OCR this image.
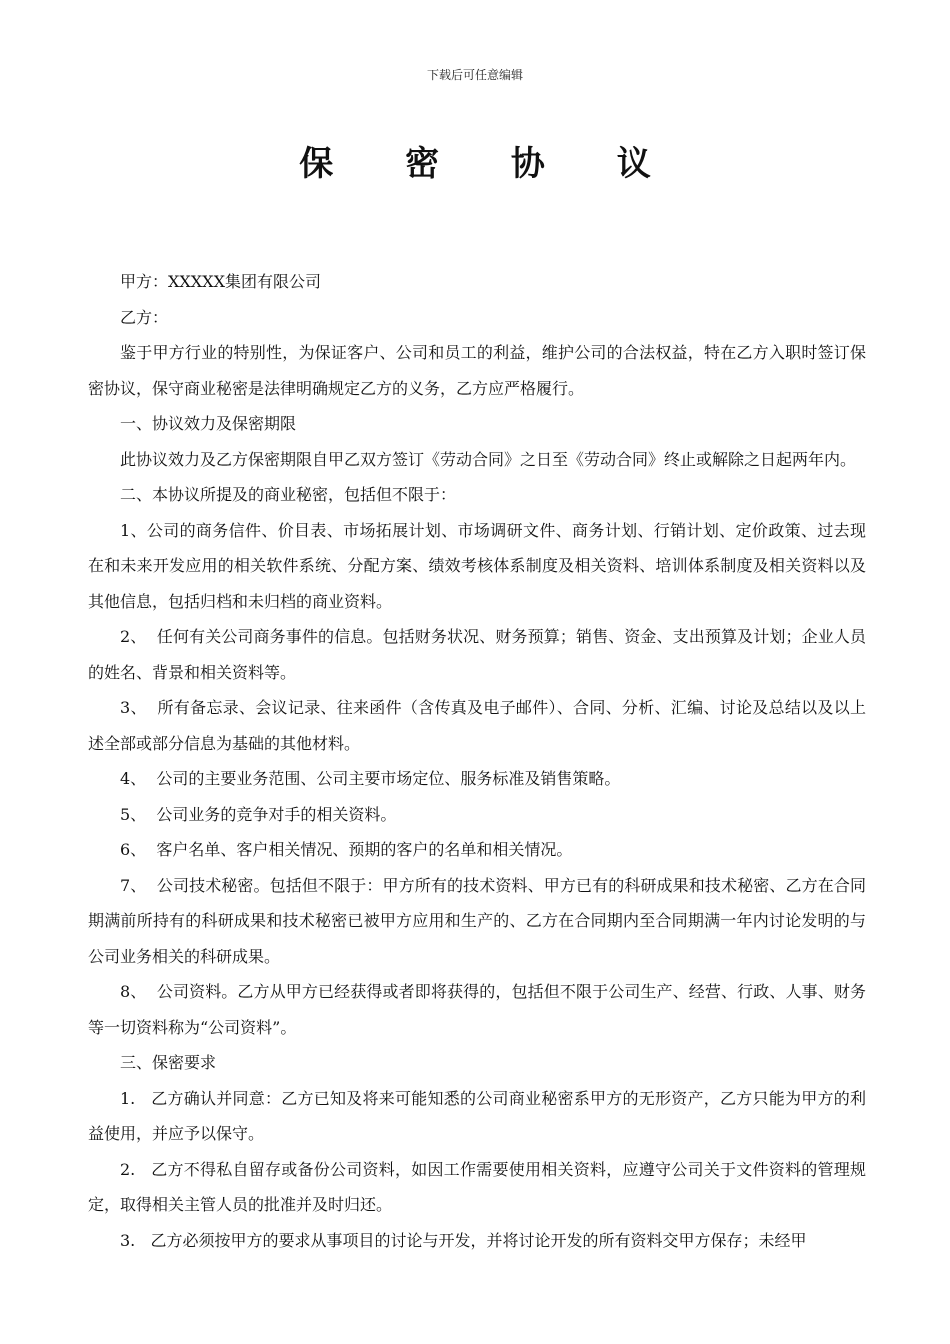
下载后可任意编辑
保 密 协 议

甲方：XXXXX集团有限公司

乙方：

鉴于甲方行业的特别性，为保证客户、公司和员工的利益，维护公司的合法权益，特在乙方入职时签订保密协议，保守商业秘密是法律明确规定乙方的义务，乙方应严格履行。

一、协议效力及保密期限

此协议效力及乙方保密期限自甲乙双方签订《劳动合同》之日至《劳动合同》终止或解除之日起两年内。

二、本协议所提及的商业秘密，包括但不限于：

1、公司的商务信件、价目表、市场拓展计划、市场调研文件、商务计划、行销计划、定价政策、过去现在和未来开发应用的相关软件系统、分配方案、绩效考核体系制度及相关资料、培训体系制度及相关资料以及其他信息，包括归档和未归档的商业资料。

2、  任何有关公司商务事件的信息。包括财务状况、财务预算；销售、资金、支出预算及计划；企业人员的姓名、背景和相关资料等。

3、  所有备忘录、会议记录、往来函件（含传真及电子邮件）、合同、分析、汇编、讨论及总结以及以上述全部或部分信息为基础的其他材料。

4、  公司的主要业务范围、公司主要市场定位、服务标准及销售策略。

5、  公司业务的竞争对手的相关资料。

6、  客户名单、客户相关情况、预期的客户的名单和相关情况。

7、  公司技术秘密。包括但不限于：甲方所有的技术资料、甲方已有的科研成果和技术秘密、乙方在合同期满前所持有的科研成果和技术秘密已被甲方应用和生产的、乙方在合同期内至合同期满一年内讨论发明的与公司业务相关的科研成果。

8、  公司资料。乙方从甲方已经获得或者即将获得的，包括但不限于公司生产、经营、行政、人事、财务等一切资料称为“公司资料”。

三、保密要求

1.   乙方确认并同意：乙方已知及将来可能知悉的公司商业秘密系甲方的无形资产，乙方只能为甲方的利益使用，并应予以保守。

2.   乙方不得私自留存或备份公司资料，如因工作需要使用相关资料，应遵守公司关于文件资料的管理规定，取得相关主管人员的批准并及时归还。

3.   乙方必须按甲方的要求从事项目的讨论与开发，并将讨论开发的所有资料交甲方保存；未经甲
